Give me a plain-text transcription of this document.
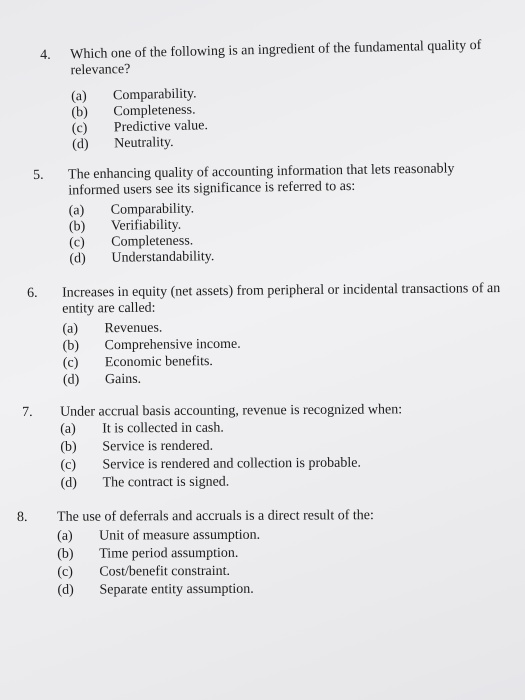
4. Which one of the following is an ingredient of the fundamental quality of relevance?
(a) Comparability.
(b) Completeness.
(c) Predictive value.
(d) Neutrality.
5. The enhancing quality of accounting information that lets reasonably informed users see its significance is referred to as:
(a) Comparability.
(b) Verifiability.
(c) Completeness.
(d) Understandability.
6. Increases in equity (net assets) from peripheral or incidental transactions of an entity are called:
(a) Revenues.
(b) Comprehensive income.
(c) Economic benefits.
(d) Gains.
7. Under accrual basis accounting, revenue is recognized when:
(a) It is collected in cash.
(b) Service is rendered.
(c) Service is rendered and collection is probable.
(d) The contract is signed.
8. The use of deferrals and accruals is a direct result of the:
(a) Unit of measure assumption.
(b) Time period assumption.
(c) Cost/benefit constraint.
(d) Separate entity assumption.
